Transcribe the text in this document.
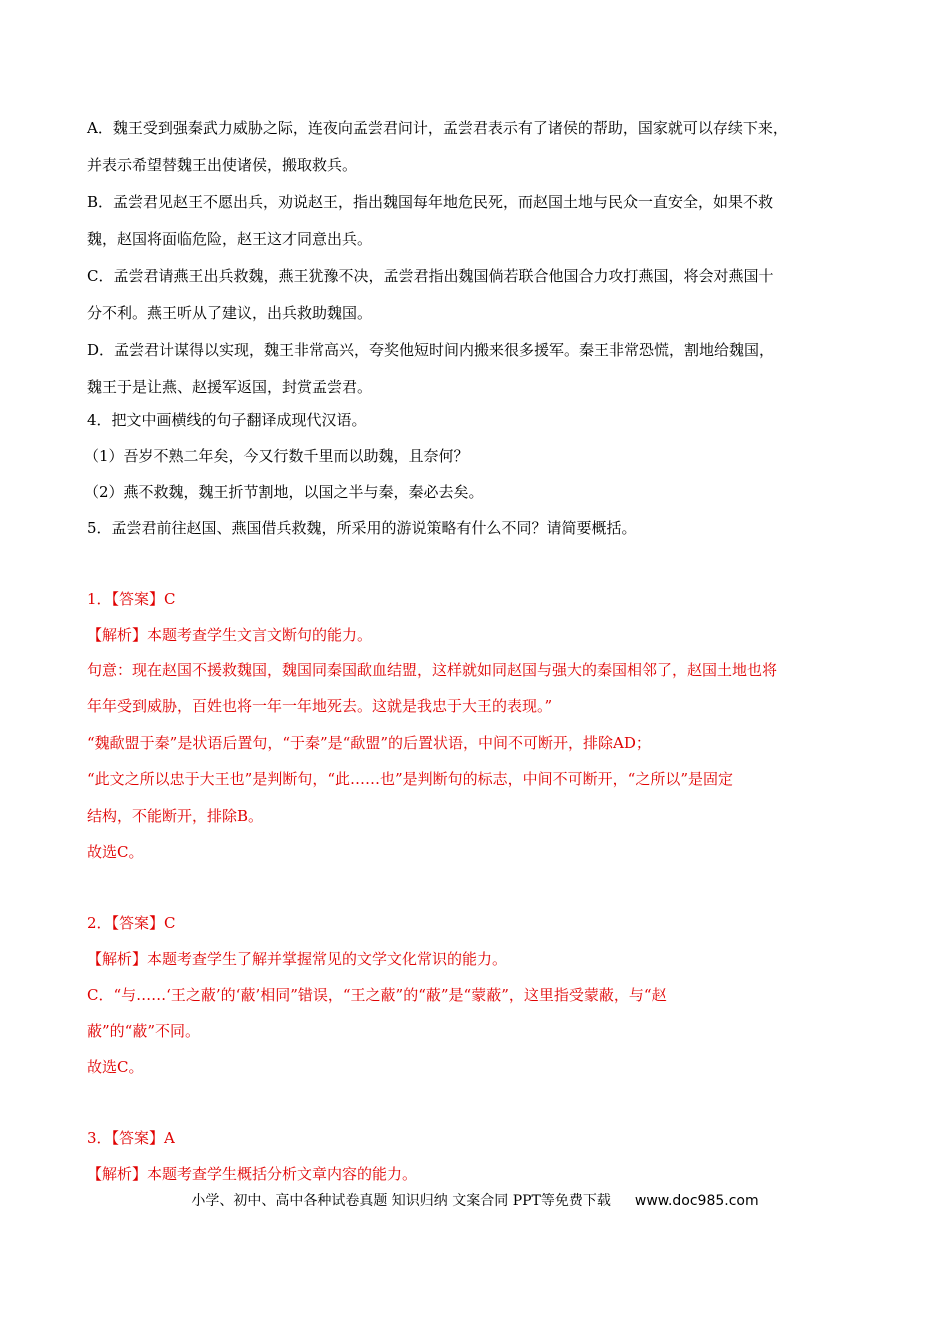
A．魏王受到强秦武力威胁之际，连夜向孟尝君问计，孟尝君表示有了诸侯的帮助，国家就可以存续下来，
并表示希望替魏王出使诸侯，搬取救兵。
B．孟尝君见赵王不愿出兵，劝说赵王，指出魏国每年地危民死，而赵国土地与民众一直安全，如果不救
魏，赵国将面临危险，赵王这才同意出兵。
C．孟尝君请燕王出兵救魏，燕王犹豫不决，孟尝君指出魏国倘若联合他国合力攻打燕国，将会对燕国十
分不利。燕王听从了建议，出兵救助魏国。
D．孟尝君计谋得以实现，魏王非常高兴，夸奖他短时间内搬来很多援军。秦王非常恐慌，割地给魏国，
魏王于是让燕、赵援军返国，封赏孟尝君。
4．把文中画横线的句子翻译成现代汉语。
（1）吾岁不熟二年矣，今又行数千里而以助魏，且奈何？
（2）燕不救魏，魏王折节割地，以国之半与秦，秦必去矣。
5．孟尝君前往赵国、燕国借兵救魏，所采用的游说策略有什么不同？请简要概括。
1．【答案】C
【解析】本题考查学生文言文断句的能力。
句意：现在赵国不援救魏国，魏国同秦国歃血结盟，这样就如同赵国与强大的秦国相邻了，赵国土地也将
年年受到威胁，百姓也将一年一年地死去。这就是我忠于大王的表现。”
“魏歃盟于秦”是状语后置句，“于秦”是“歃盟”的后置状语，中间不可断开，排除AD；
“此文之所以忠于大王也”是判断句，“此……也”是判断句的标志，中间不可断开，“之所以”是固定
结构，不能断开，排除B。
故选C。
2．【答案】C
【解析】本题考查学生了解并掌握常见的文学文化常识的能力。
C．“与……‘王之蔽’的‘蔽’相同”错误，“王之蔽”的“蔽”是“蒙蔽”，这里指受蒙蔽，与“赵
蔽”的“蔽”不同。
故选C。
3．【答案】A
【解析】本题考查学生概括分析文章内容的能力。
小学、初中、高中各种试卷真题 知识归纳 文案合同 PPT等免费下载 www.doc985.com
